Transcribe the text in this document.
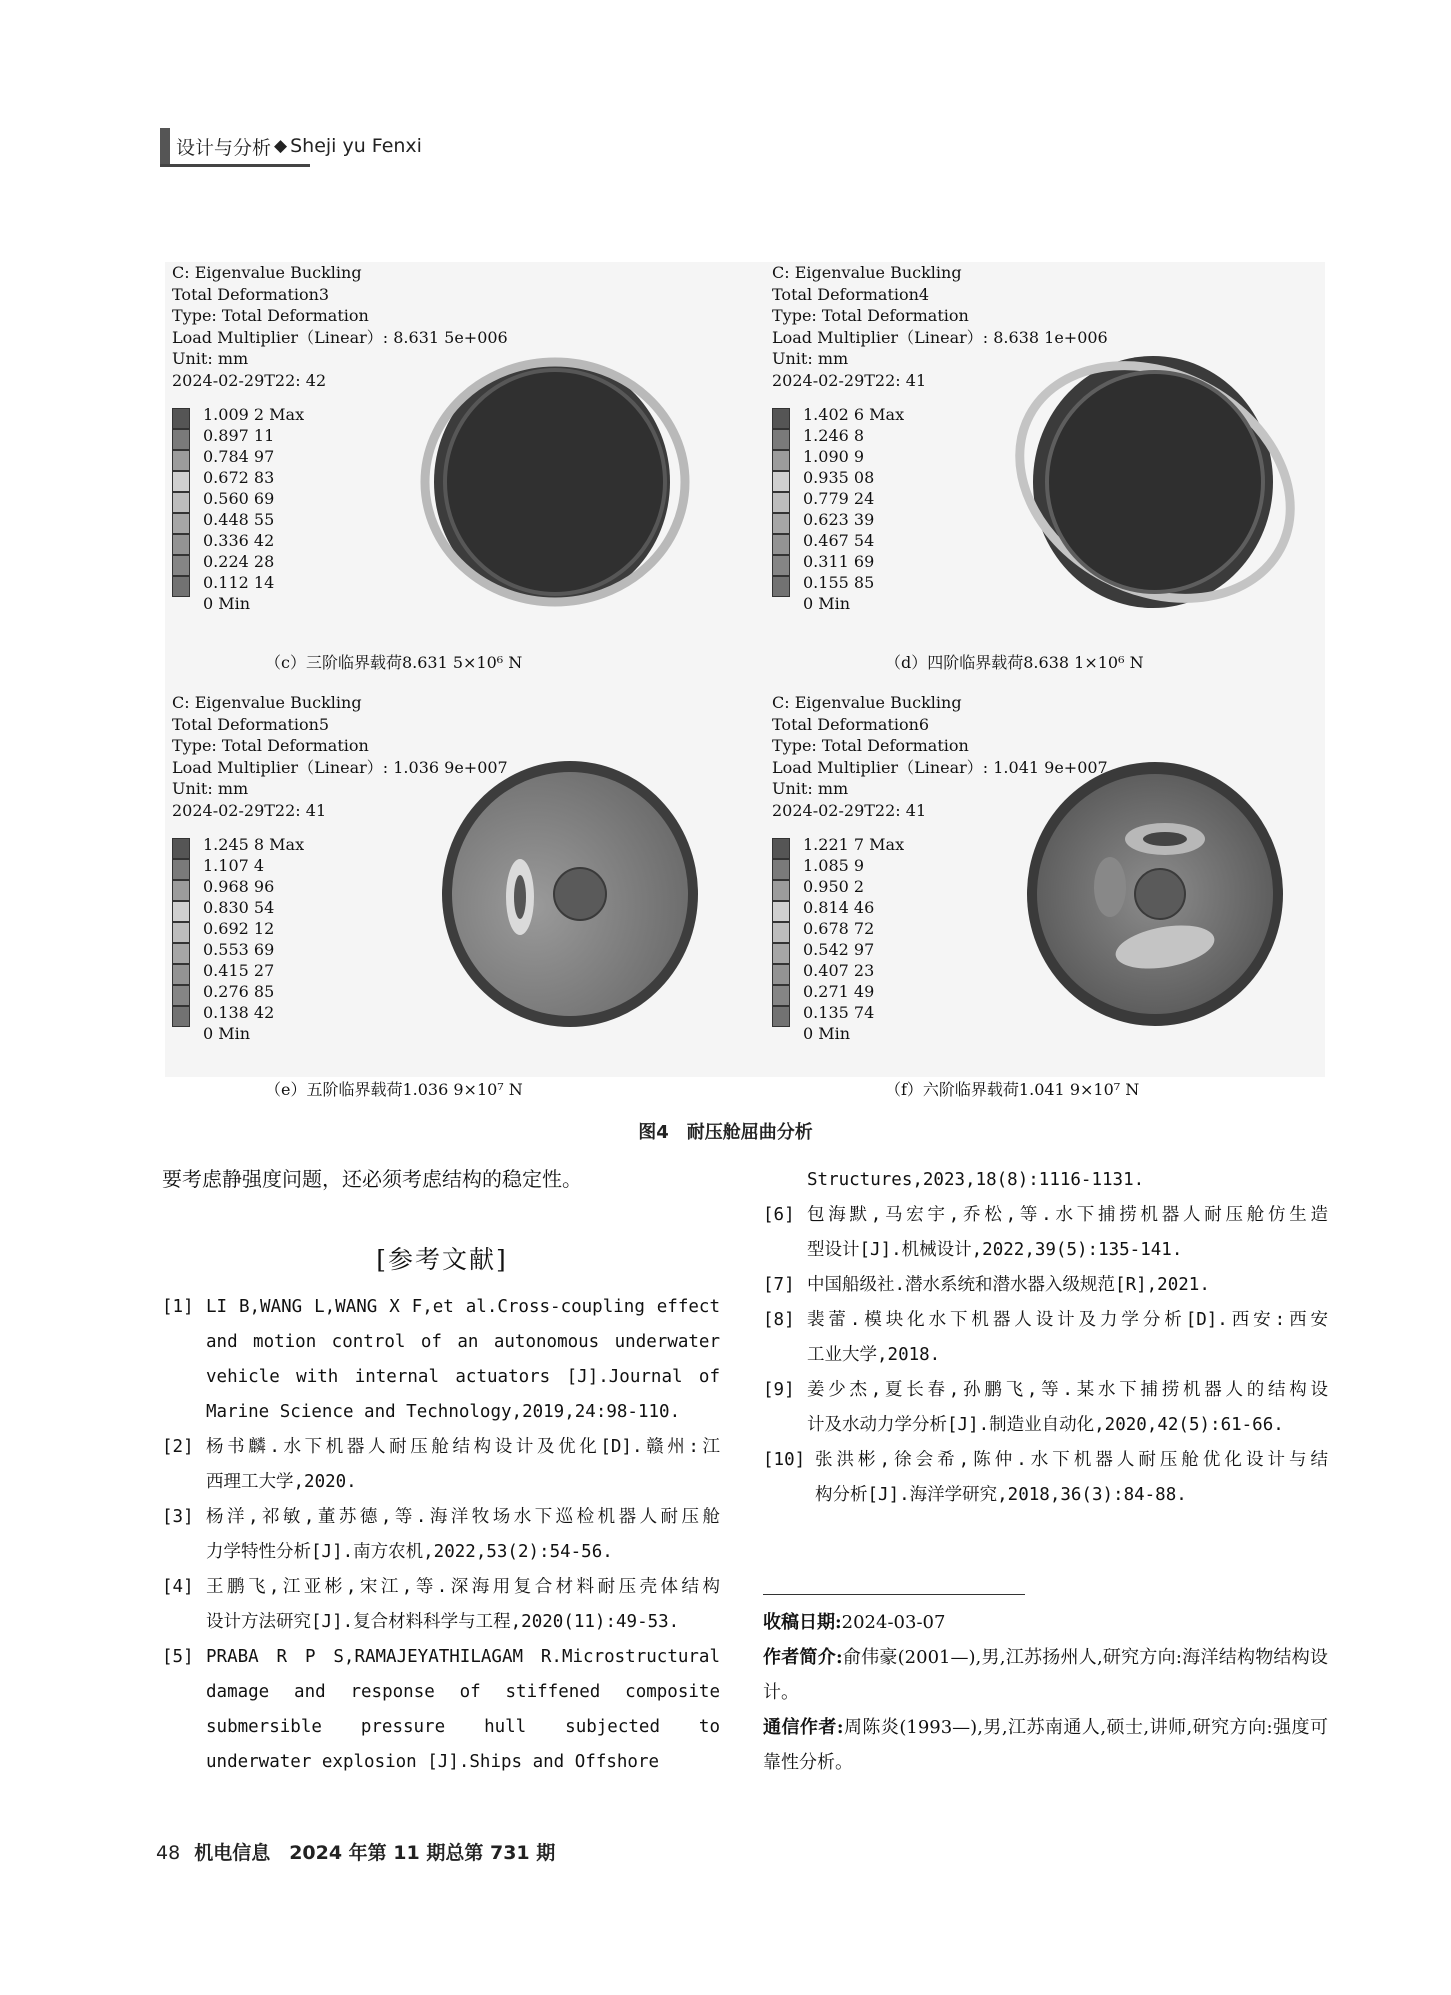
设计与分析 ◆ Sheji yu Fenxi
C: Eigenvalue Buckling
Total Deformation3
Type: Total Deformation
Load Multiplier（Linear）: 8.631 5e+006
Unit: mm
2024-02-29T22: 42
1.009 2 Max
0.897 11
0.784 97
0.672 83
0.560 69
0.448 55
0.336 42
0.224 28
0.112 14
0 Min
（c）三阶临界载荷8.631 5×10⁶ N
C: Eigenvalue Buckling
Total Deformation4
Type: Total Deformation
Load Multiplier（Linear）: 8.638 1e+006
Unit: mm
2024-02-29T22: 41
1.402 6 Max
1.246 8
1.090 9
0.935 08
0.779 24
0.623 39
0.467 54
0.311 69
0.155 85
0 Min
（d）四阶临界载荷8.638 1×10⁶ N
C: Eigenvalue Buckling
Total Deformation5
Type: Total Deformation
Load Multiplier（Linear）: 1.036 9e+007
Unit: mm
2024-02-29T22: 41
1.245 8 Max
1.107 4
0.968 96
0.830 54
0.692 12
0.553 69
0.415 27
0.276 85
0.138 42
0 Min
（e）五阶临界载荷1.036 9×10⁷ N
C: Eigenvalue Buckling
Total Deformation6
Type: Total Deformation
Load Multiplier（Linear）: 1.041 9e+007
Unit: mm
2024-02-29T22: 41
1.221 7 Max
1.085 9
0.950 2
0.814 46
0.678 72
0.542 97
0.407 23
0.271 49
0.135 74
0 Min
（f）六阶临界载荷1.041 9×10⁷ N
图4　耐压舱屈曲分析
要考虑静强度问题，还必须考虑结构的稳定性。
[参考文献]
[1] LI B,WANG L,WANG X F,et al.Cross-coupling effect
and motion control of an autonomous underwater
vehicle with internal actuators [J].Journal of
Marine Science and Technology,2019,24:98-110.
[2] 杨书麟.水下机器人耐压舱结构设计及优化[D].赣州:江
西理工大学,2020.
[3] 杨洋,祁敏,董苏德,等.海洋牧场水下巡检机器人耐压舱
力学特性分析[J].南方农机,2022,53(2):54-56.
[4] 王鹏飞,江亚彬,宋江,等.深海用复合材料耐压壳体结构
设计方法研究[J].复合材料科学与工程,2020(11):49-53.
[5] PRABA R P S,RAMAJEYATHILAGAM R.Microstructural
damage and response of stiffened composite
submersible pressure hull subjected to
underwater explosion [J].Ships and Offshore
Structures,2023,18(8):1116-1131.
[6] 包海默,马宏宇,乔松,等.水下捕捞机器人耐压舱仿生造
型设计[J].机械设计,2022,39(5):135-141.
[7] 中国船级社.潜水系统和潜水器入级规范[R],2021.
[8] 裴蕾.模块化水下机器人设计及力学分析[D].西安:西安
工业大学,2018.
[9] 姜少杰,夏长春,孙鹏飞,等.某水下捕捞机器人的结构设
计及水动力学分析[J].制造业自动化,2020,42(5):61-66.
[10] 张洪彬,徐会希,陈仲.水下机器人耐压舱优化设计与结
构分析[J].海洋学研究,2018,36(3):84-88.
收稿日期:2024-03-07
作者简介:俞伟豪(2001—),男,江苏扬州人,研究方向:海洋结构物结构设计。
通信作者:周陈炎(1993—),男,江苏南通人,硕士,讲师,研究方向:强度可靠性分析。
48 机电信息　2024 年第 11 期总第 731 期
